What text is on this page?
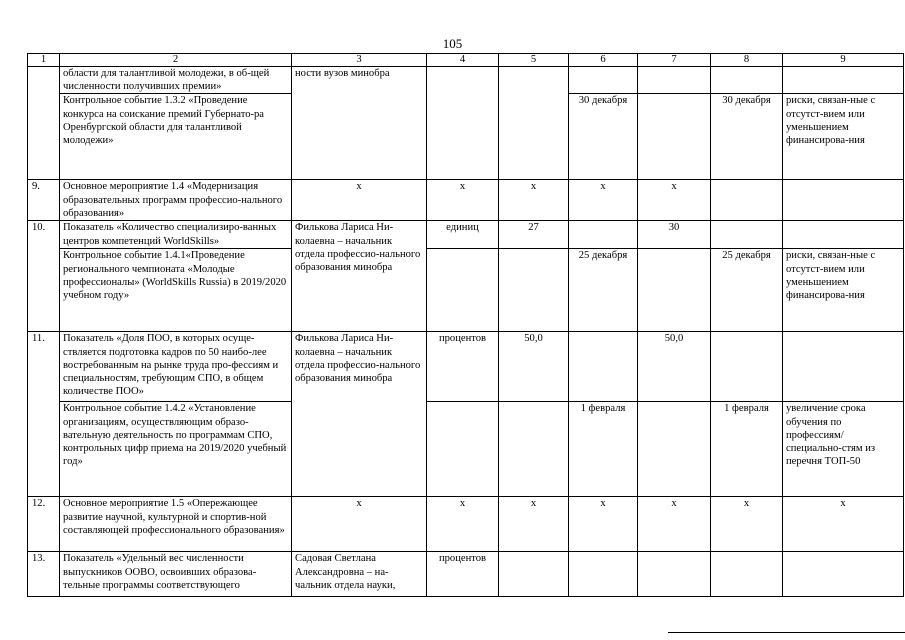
105
1	2	3	4	5	6	7	8	9
	области для талантливой молодежи, в об-щей численности получивших премии»	ности вузов минобра						
	Контрольное событие 1.3.2 «Проведение конкурса на соискание премий Губернато-ра Оренбургской области для талантливой молодежи»				30 декабря		30 декабря	риски, связан-ные с отсутст-вием или уменьшением финансирова-ния
9.	Основное мероприятие 1.4 «Модернизация образовательных программ профессио-нального образования»	х	х	х	х	х		
10.	Показатель «Количество специализиро-ванных центров компетенций WorldSkills»	Филькова Лариса Ни-колаевна – начальник отдела профессио-нального образования минобра	единиц	27		30		
	Контрольное событие 1.4.1«Проведение регионального чемпионата «Молодые профессионалы» (WorldSkills Russia) в 2019/2020 учебном году»				25 декабря		25 декабря	риски, связан-ные с отсутст-вием или уменьшением финансирова-ния
11.	Показатель «Доля ПОО, в которых осуще-ствляется подготовка кадров по 50 наибо-лее востребованным на рынке труда про-фессиям и специальностям, требующим СПО, в общем количестве ПОО»	Филькова Лариса Ни-колаевна – начальник отдела профессио-нального образования минобра	процентов	50,0		50,0		
	Контрольное событие 1.4.2 «Установление организациям, осуществляющим образо-вательную деятельность по программам СПО, контрольных цифр приема на 2019/2020 учебный год»				1 февраля		1 февраля	увеличение срока обучения по профессиям/ специально-стям из перечня ТОП-50
12.	Основное мероприятие 1.5 «Опережающее развитие научной, культурной и спортив-ной составляющей профессионального образования»	х	х	х	х	х	х	х
13.	Показатель «Удельный вес численности выпускников ООВО, освоивших образова-тельные программы соответствующего	Садовая Светлана Александровна – на-чальник отдела науки,	процентов					
